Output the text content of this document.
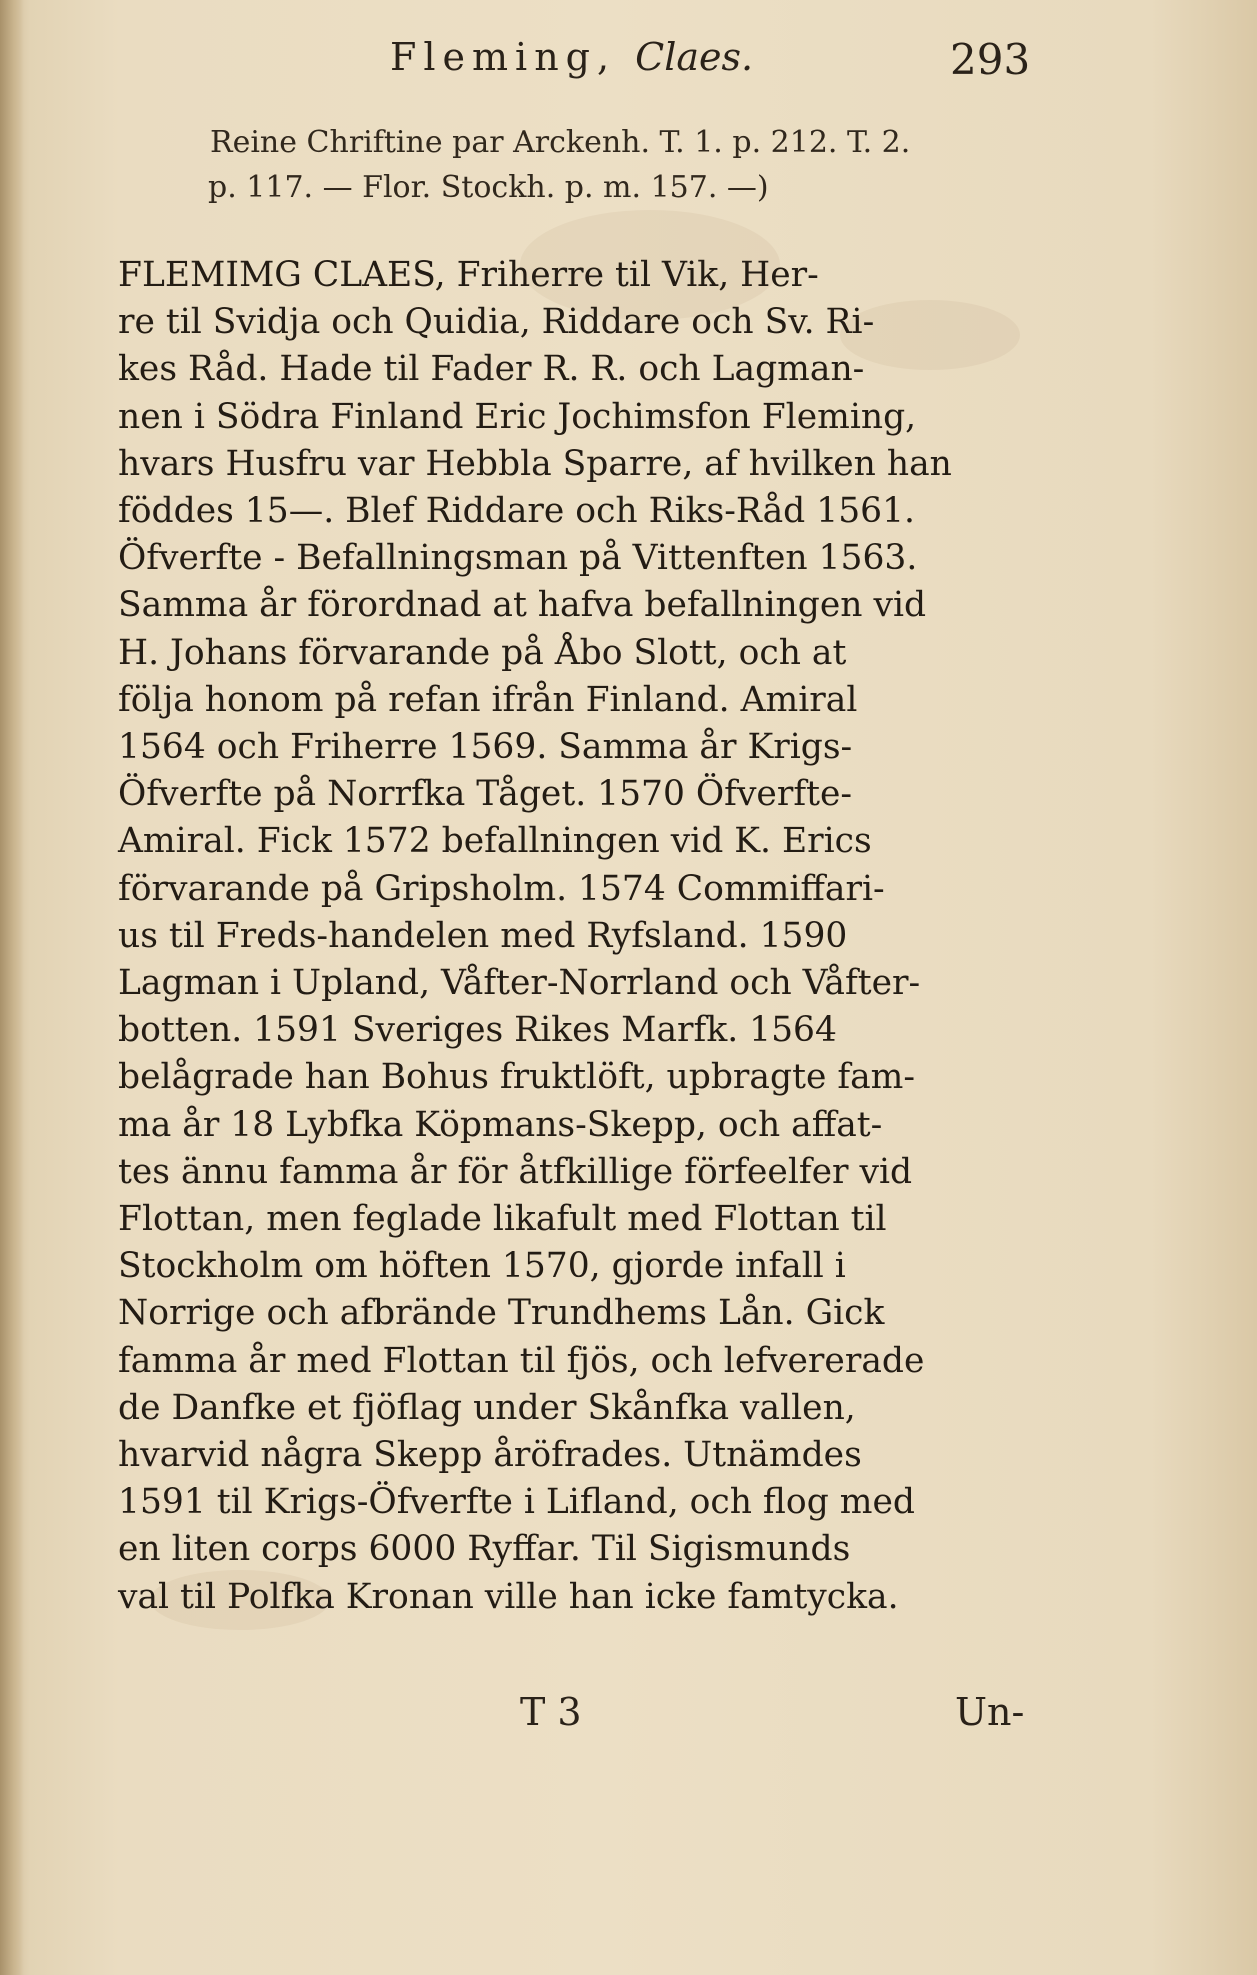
Fleming, Claes.	293
Reine Chriftine par Arckenh. T. 1. p. 212. T. 2.
p. 117. — Flor. Stockh. p. m. 157. —)
FLEMIMG CLAES, Friherre til Vik, Her-
re til Svidja och Quidia, Riddare och Sv. Ri-
kes Råd. Hade til Fader R. R. och Lagman-
nen i Södra Finland Eric Jochimsfon Fleming,
hvars Husfru var Hebbla Sparre, af hvilken han
föddes 15—. Blef Riddare och Riks-Råd 1561.
Öfverfte - Befallningsman på Vittenften 1563.
Samma år förordnad at hafva befallningen vid
H. Johans förvarande på Åbo Slott, och at
följa honom på refan ifrån Finland. Amiral
1564 och Friherre 1569. Samma år Krigs-
Öfverfte på Norrfka Tåget. 1570 Öfverfte-
Amiral. Fick 1572 befallningen vid K. Erics
förvarande på Gripsholm. 1574 Commiffari-
us til Freds-handelen med Ryfsland. 1590
Lagman i Upland, Våfter-Norrland och Våfter-
botten. 1591 Sveriges Rikes Marfk. 1564
belågrade han Bohus fruktlöft, upbragte fam-
ma år 18 Lybfka Köpmans-Skepp, och affat-
tes ännu famma år för åtfkillige förfeelfer vid
Flottan, men feglade likafult med Flottan til
Stockholm om höften 1570, gjorde infall i
Norrige och afbrände Trundhems Lån. Gick
famma år med Flottan til fjös, och lefvererade
de Danfke et fjöflag under Skånfka vallen,
hvarvid några Skepp åröfrades. Utnämdes
1591 til Krigs-Öfverfte i Lifland, och flog med
en liten corps 6000 Ryffar. Til Sigismunds
val til Polfka Kronan ville han icke famtycka.
T 3	Un-
